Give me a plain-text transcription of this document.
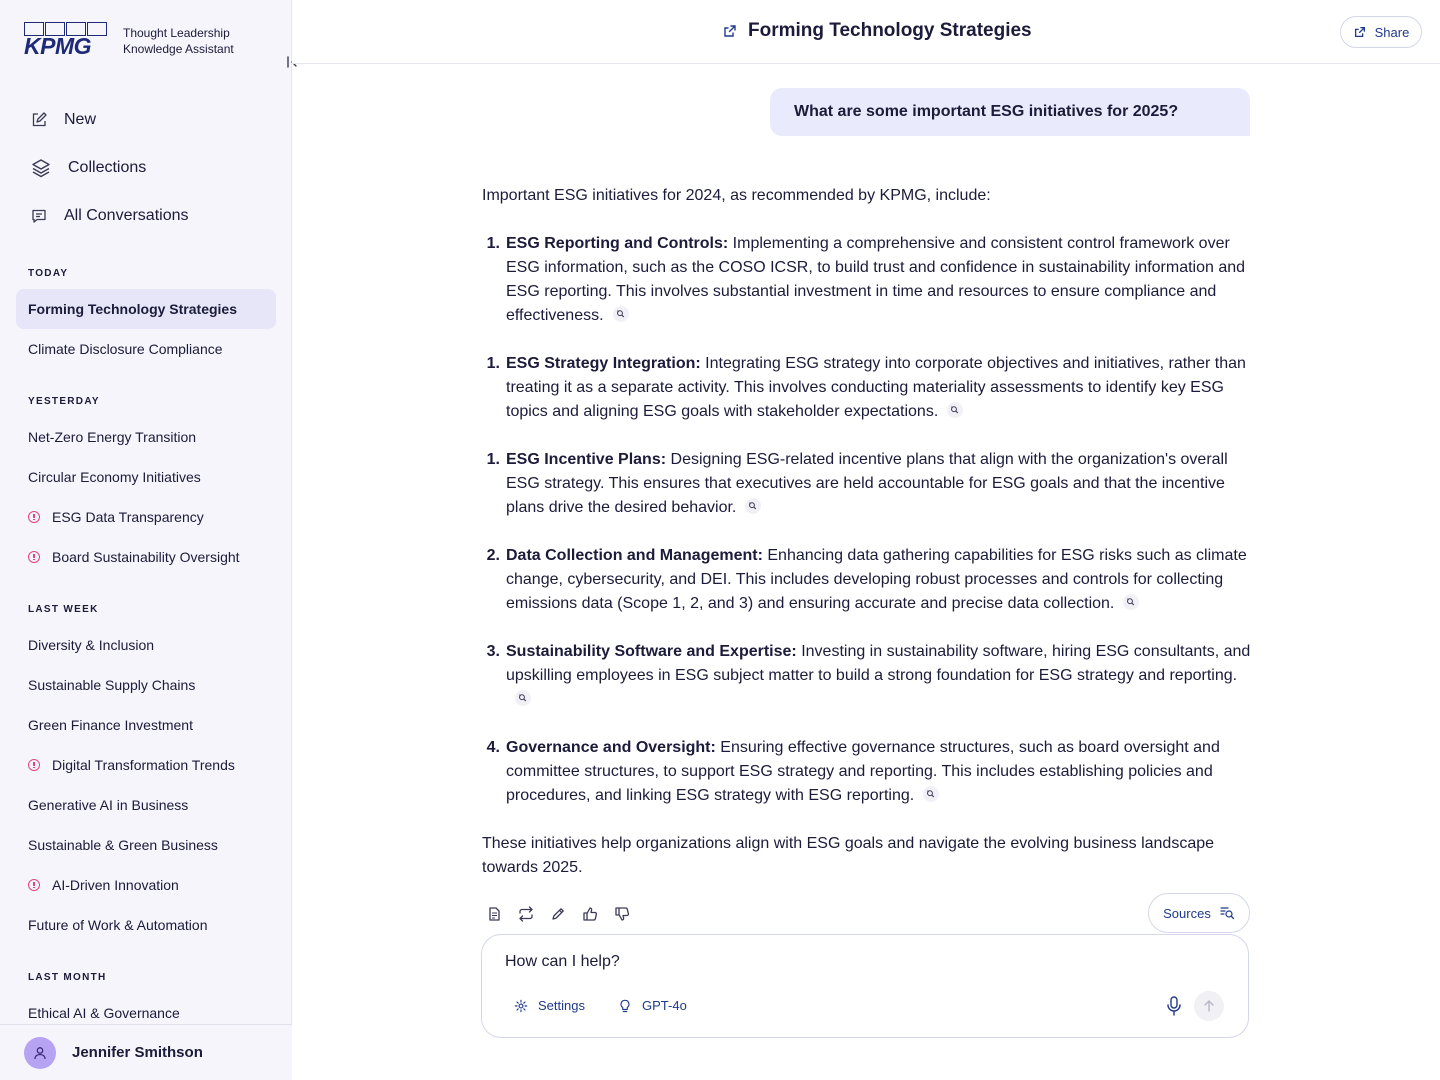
KPMG	Thought Leadership
Knowledge Assistant
New
Collections
All Conversations
TODAY
Forming Technology Strategies
Climate Disclosure Compliance
YESTERDAY
Net-Zero Energy Transition
Circular Economy Initiatives
ESG Data Transparency
Board Sustainability Oversight
LAST WEEK
Diversity & Inclusion
Sustainable Supply Chains
Green Finance Investment
Digital Transformation Trends
Generative AI in Business
Sustainable & Green Business
AI-Driven Innovation
Future of Work & Automation
LAST MONTH
Ethical AI & Governance
Jennifer Smithson
Forming Technology Strategies	Share
What are some important ESG initiatives for 2025?

Important ESG initiatives for 2024, as recommended by KPMG, include:

1. ESG Reporting and Controls: Implementing a comprehensive and consistent control framework over ESG information, such as the COSO ICSR, to build trust and confidence in sustainability information and ESG reporting. This involves substantial investment in time and resources to ensure compliance and effectiveness.
1. ESG Strategy Integration: Integrating ESG strategy into corporate objectives and initiatives, rather than treating it as a separate activity. This involves conducting materiality assessments to identify key ESG topics and aligning ESG goals with stakeholder expectations.
1. ESG Incentive Plans: Designing ESG-related incentive plans that align with the organization's overall ESG strategy. This ensures that executives are held accountable for ESG goals and that the incentive plans drive the desired behavior.
2. Data Collection and Management: Enhancing data gathering capabilities for ESG risks such as climate change, cybersecurity, and DEI. This includes developing robust processes and controls for collecting emissions data (Scope 1, 2, and 3) and ensuring accurate and precise data collection.
3. Sustainability Software and Expertise: Investing in sustainability software, hiring ESG consultants, and upskilling employees in ESG subject matter to build a strong foundation for ESG strategy and reporting.
4. Governance and Oversight: Ensuring effective governance structures, such as board oversight and committee structures, to support ESG strategy and reporting. This includes establishing policies and procedures, and linking ESG strategy with ESG reporting.

These initiatives help organizations align with ESG goals and navigate the evolving business landscape towards 2025.

Sources
How can I help?
Settings	GPT-4o
